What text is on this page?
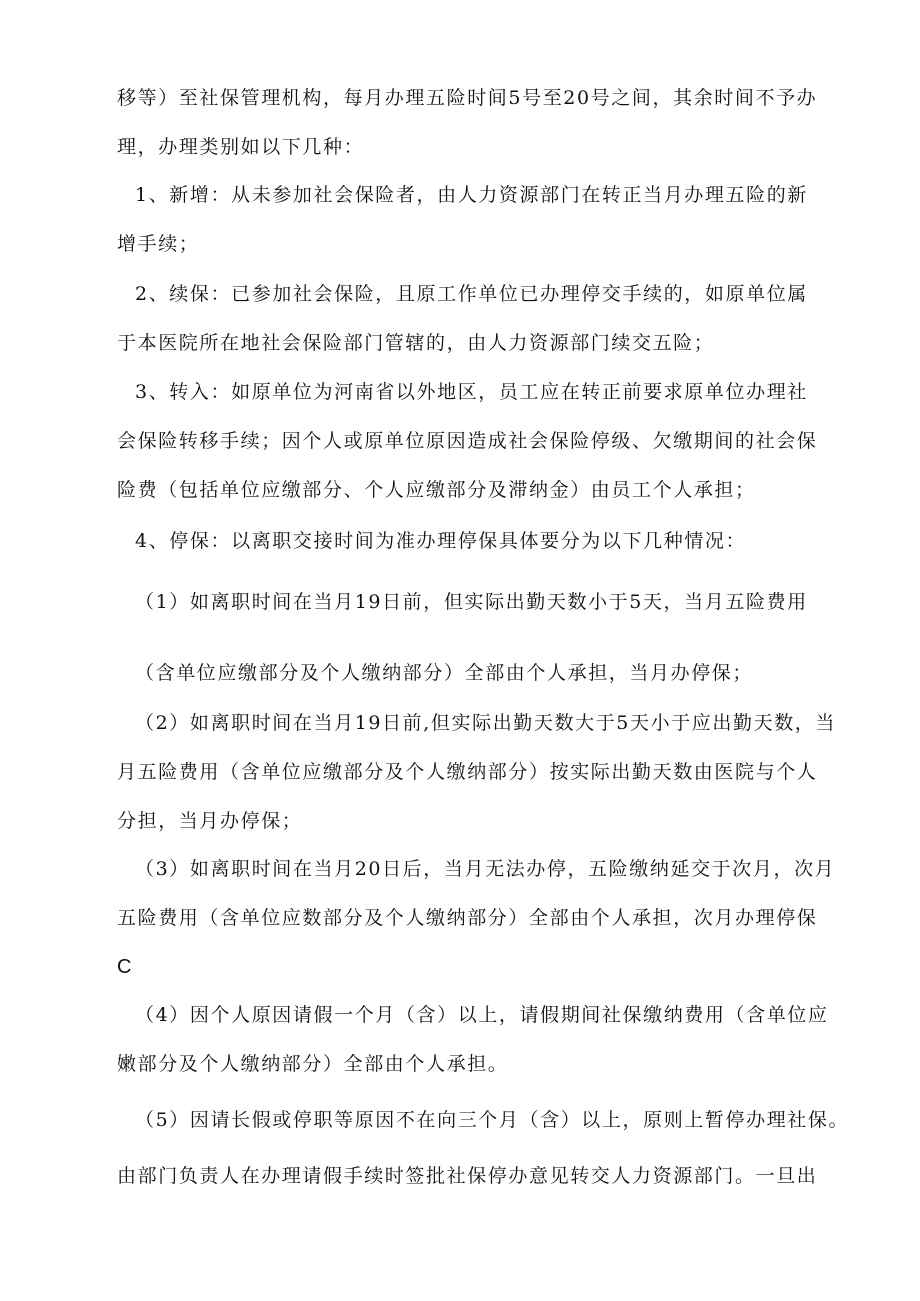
移等）至社保管理机构，每月办理五险时间5号至20号之间，其余时间不予办
理，办理类别如以下几种：
1、新增：从未参加社会保险者，由人力资源部门在转正当月办理五险的新
增手续；
2、续保：已参加社会保险，且原工作单位已办理停交手续的，如原单位属
于本医院所在地社会保险部门管辖的，由人力资源部门续交五险；
3、转入：如原单位为河南省以外地区，员工应在转正前要求原单位办理社
会保险转移手续；因个人或原单位原因造成社会保险停级、欠缴期间的社会保
险费（包括单位应缴部分、个人应缴部分及滞纳金）由员工个人承担；
4、停保：以离职交接时间为准办理停保具体要分为以下几种情况：
（1）如离职时间在当月19日前，但实际出勤天数小于5天，当月五险费用
（含单位应缴部分及个人缴纳部分）全部由个人承担，当月办停保；
（2）如离职时间在当月19日前,但实际出勤天数大于5天小于应出勤天数，当
月五险费用（含单位应缴部分及个人缴纳部分）按实际出勤天数由医院与个人
分担，当月办停保；
（3）如离职时间在当月20日后，当月无法办停，五险缴纳延交于次月，次月
五险费用（含单位应数部分及个人缴纳部分）全部由个人承担，次月办理停保
C
（4）因个人原因请假一个月（含）以上，请假期间社保缴纳费用（含单位应
嫩部分及个人缴纳部分）全部由个人承担。
（5）因请长假或停职等原因不在向三个月（含）以上，原则上暂停办理社保。
由部门负责人在办理请假手续时签批社保停办意见转交人力资源部门。一旦出
